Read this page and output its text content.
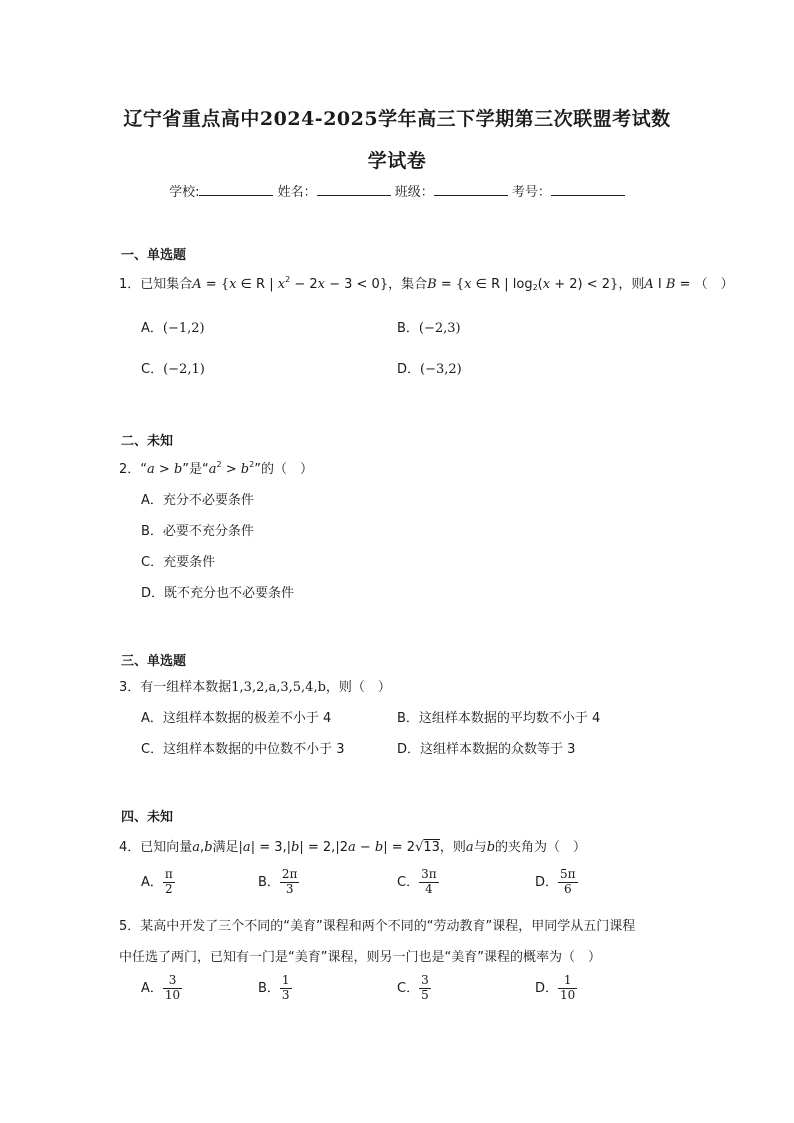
辽宁省重点高中2024-2025学年高三下学期第三次联盟考试数
学试卷
学校:	姓名：	班级：	考号：
一、单选题
1．已知集合A = {x ∈ R | $x^2 - 2x - 3 < 0$}，集合B = {x ∈ R | $\log_2(x + 2) < 2$}，则A I B = （　）
A．(−1,2)	B．(−2,3)
C．(−2,1)	D．(−3,2)
二、未知
2．“a > b”是“$a^2 > b^2$”的（　）
A．充分不必要条件
B．必要不充分条件
C．充要条件
D．既不充分也不必要条件
三、单选题
3．有一组样本数据1,3,2,a,3,5,4,b，则（　）
A．这组样本数据的极差不小于 4	B．这组样本数据的平均数不小于 4
C．这组样本数据的中位数不小于 3	D．这组样本数据的众数等于 3
四、未知
4．已知向量a,b满足|a| = 3,|b| = 2,|2a − b| = 2√13，则a与b的夹角为（　）
A． $\frac{\pi}{2}$	B． $\frac{2\pi}{3}$	C． $\frac{3\pi}{4}$	D． $\frac{5\pi}{6}$
5．某高中开发了三个不同的“美育”课程和两个不同的“劳动教育”课程，甲同学从五门课程
中任选了两门，已知有一门是“美育”课程，则另一门也是“美育”课程的概率为（　）
A． $\frac{3}{10}$	B． $\frac{1}{3}$	C． $\frac{3}{5}$	D． $\frac{1}{10}$
